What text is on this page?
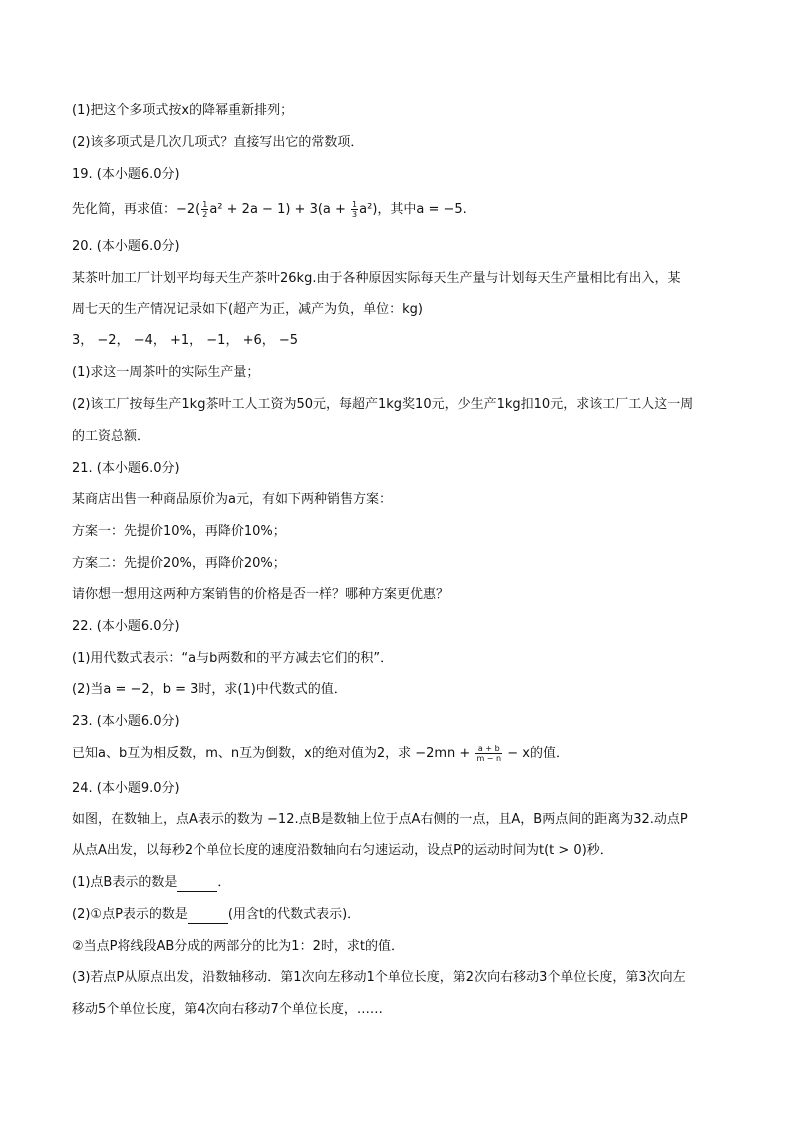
(1)把这个多项式按x的降幂重新排列；
(2)该多项式是几次几项式？直接写出它的常数项．
19. (本小题6.0分)
先化简，再求值：$-2( \frac{1}{2} a^2 + 2a - 1) + 3(a + \frac{1}{3} a^2)$，其中a = −5.
20. (本小题6.0分)
某茶叶加工厂计划平均每天生产茶叶26kg.由于各种原因实际每天生产量与计划每天生产量相比有出入，某
周七天的生产情况记录如下(超产为正，减产为负，单位：kg)
3， −2， −4， +1， −1， +6， −5
(1)求这一周茶叶的实际生产量；
(2)该工厂按每生产1kg茶叶工人工资为50元，每超产1kg奖10元，少生产1kg扣10元，求该工厂工人这一周
的工资总额．
21. (本小题6.0分)
某商店出售一种商品原价为a元，有如下两种销售方案：
方案一：先提价10%，再降价10%；
方案二：先提价20%，再降价20%；
请你想一想用这两种方案销售的价格是否一样？哪种方案更优惠？
22. (本小题6.0分)
(1)用代数式表示：“a与b两数和的平方减去它们的积”．
(2)当a = −2，b = 3时，求(1)中代数式的值．
23. (本小题6.0分)
已知a、b互为相反数，m、n互为倒数，x的绝对值为2，求 $-2mn + \frac{a + b}{m - n} - x$的值．
24. (本小题9.0分)
如图，在数轴上，点A表示的数为 −12.点B是数轴上位于点A右侧的一点，且A，B两点间的距离为32.动点P
从点A出发，以每秒2个单位长度的速度沿数轴向右匀速运动，设点P的运动时间为t(t > 0)秒．
(1)点B表示的数是	．
(2)①点P表示的数是	(用含t的代数式表示)．
②当点P将线段AB分成的两部分的比为1：2时，求t的值．
(3)若点P从原点出发，沿数轴移动．第1次向左移动1个单位长度，第2次向右移动3个单位长度，第3次向左
移动5个单位长度，第4次向右移动7个单位长度，……
